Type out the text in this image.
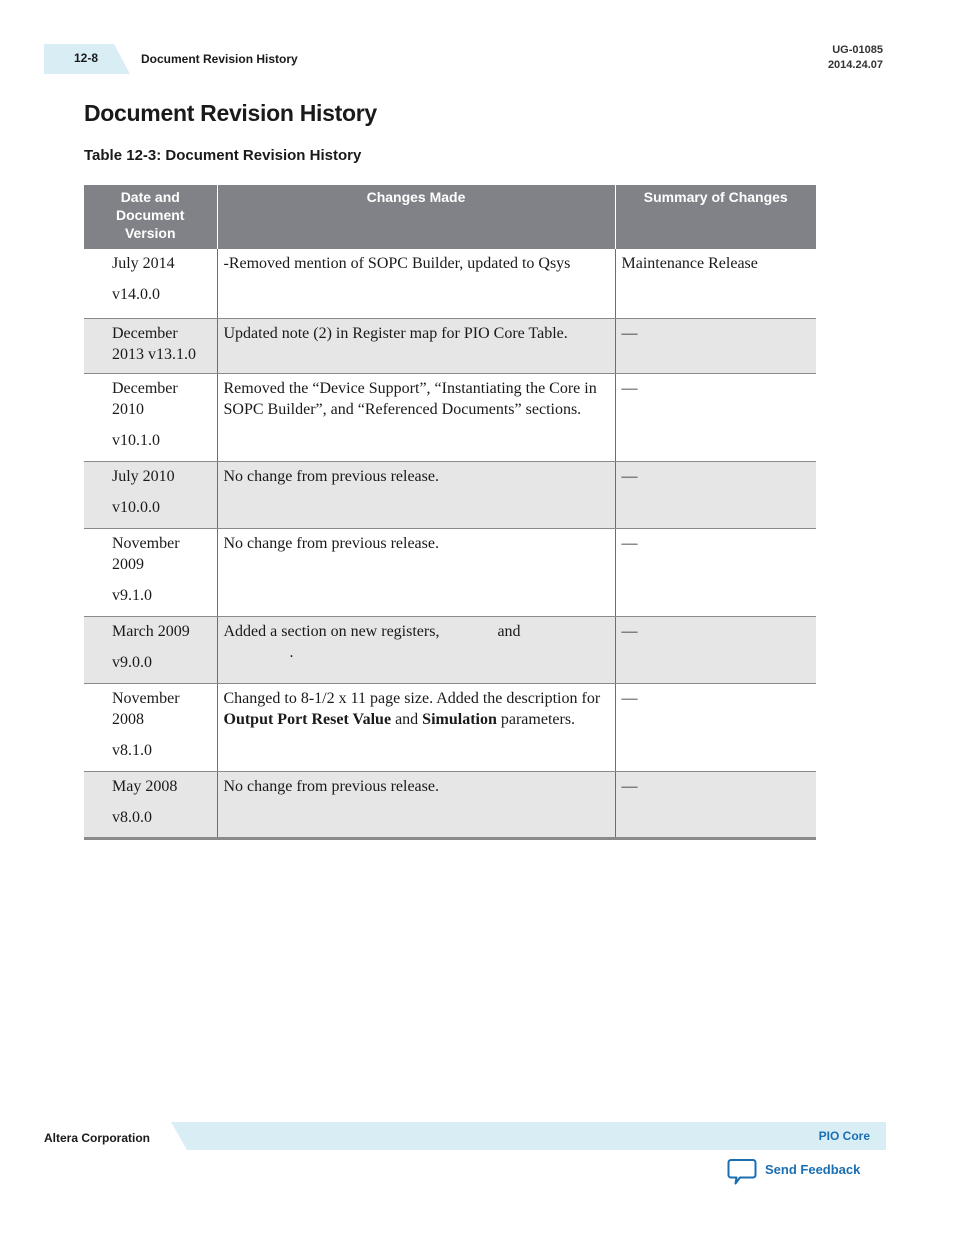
12-8	Document Revision History
UG-01085
2014.24.07
Document Revision History
Table 12-3: Document Revision History
Date and Document Version	Changes Made	Summary of Changes

July 2014
v14.0.0	-Removed mention of SOPC Builder, updated to Qsys	Maintenance Release

December 2013 v13.1.0	Updated note (2) in Register map for PIO Core Table.	—

December 2010
v10.1.0	Removed the “Device Support”, “Instantiating the Core in SOPC Builder”, and “Referenced Documents” sections.	—

July 2010
v10.0.0	No change from previous release.	—

November 2009
v9.1.0	No change from previous release.	—

March 2009
v9.0.0	Added a section on new registers, and
.	—

November 2008
v8.1.0	Changed to 8-1/2 x 11 page size. Added the description for Output Port Reset Value and Simulation parameters.	—

May 2008
v8.0.0	No change from previous release.	—
Altera Corporation	PIO Core
Send Feedback
